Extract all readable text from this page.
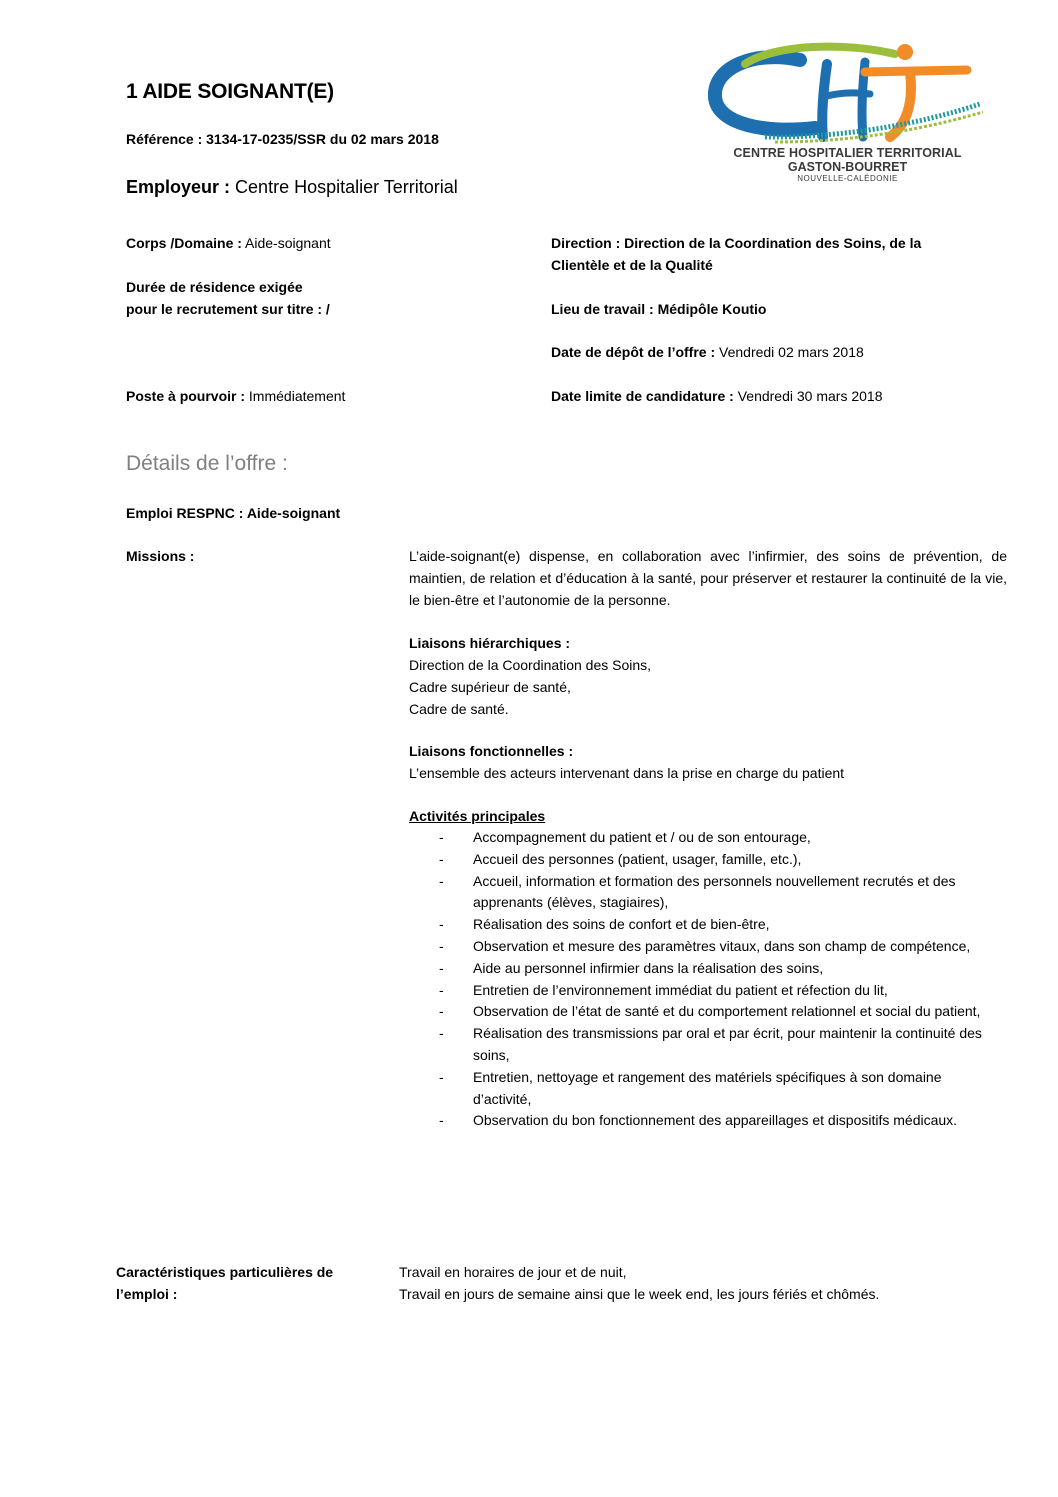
1 AIDE SOIGNANT(E)
Référence : 3134-17-0235/SSR du 02 mars 2018
Employeur : Centre Hospitalier Territorial
CENTRE HOSPITALIER TERRITORIAL
GASTON-BOURRET
NOUVELLE-CALÉDONIE
Corps /Domaine : Aide-soignant	Direction : Direction de la Coordination des Soins, de la
Clientèle et de la Qualité
Durée de résidence exigée
pour le recrutement sur titre : /	Lieu de travail : Médipôle Koutio
Date de dépôt de l’offre : Vendredi 02 mars 2018
Poste à pourvoir : Immédiatement	Date limite de candidature : Vendredi 30 mars 2018
Détails de l’offre :
Emploi RESPNC : Aide-soignant
Missions :	L’aide-soignant(e) dispense, en collaboration avec l’infirmier, des soins de prévention, de maintien, de relation et d’éducation à la santé, pour préserver et restaurer la continuité de la vie, le bien-être et l’autonomie de la personne.
Liaisons hiérarchiques :
Direction de la Coordination des Soins,
Cadre supérieur de santé,
Cadre de santé.
Liaisons fonctionnelles :
L’ensemble des acteurs intervenant dans la prise en charge du patient
Activités principales
- Accompagnement du patient et / ou de son entourage,
- Accueil des personnes (patient, usager, famille, etc.),
- Accueil, information et formation des personnels nouvellement recrutés et des apprenants (élèves, stagiaires),
- Réalisation des soins de confort et de bien-être,
- Observation et mesure des paramètres vitaux, dans son champ de compétence,
- Aide au personnel infirmier dans la réalisation des soins,
- Entretien de l’environnement immédiat du patient et réfection du lit,
- Observation de l’état de santé et du comportement relationnel et social du patient,
- Réalisation des transmissions par oral et par écrit, pour maintenir la continuité des soins,
- Entretien, nettoyage et rangement des matériels spécifiques à son domaine d’activité,
- Observation du bon fonctionnement des appareillages et dispositifs médicaux.
Caractéristiques particulières de
l’emploi :
Travail en horaires de jour et de nuit,
Travail en jours de semaine ainsi que le week end, les jours fériés et chômés.
